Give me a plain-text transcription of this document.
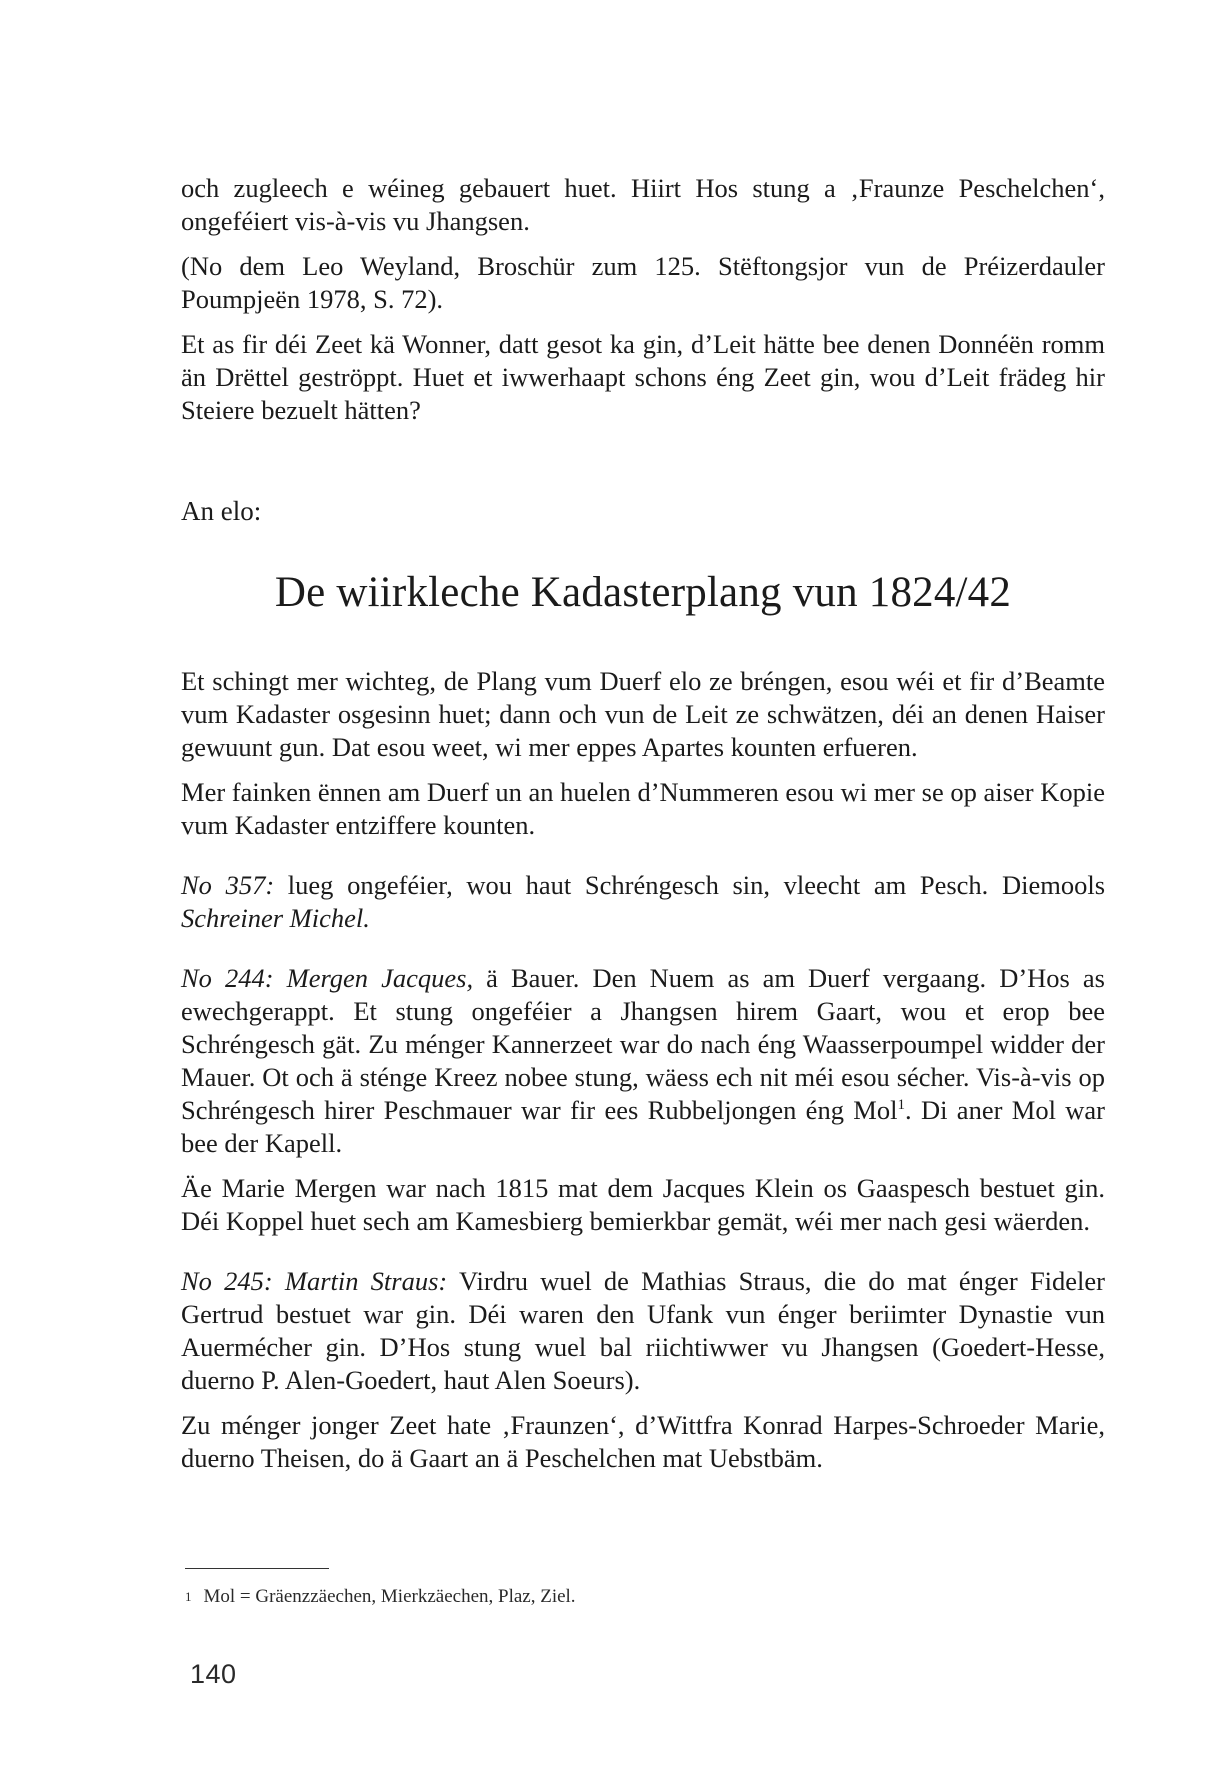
och zugleech e wéineg gebauert huet. Hiirt Hos stung a ‚Fraunze Peschelchen‘, ongeféiert vis-à-vis vu Jhangsen.

(No dem Leo Weyland, Broschür zum 125. Stëftongsjor vun de Préizerdauler Poumpjeën 1978, S. 72).

Et as fir déi Zeet kä Wonner, datt gesot ka gin, d’Leit hätte bee denen Donnéën romm än Drëttel geströppt. Huet et iwwerhaapt schons éng Zeet gin, wou d’Leit frädeg hir Steiere bezuelt hätten?

An elo:

De wiirkleche Kadasterplang vun 1824/42

Et schingt mer wichteg, de Plang vum Duerf elo ze bréngen, esou wéi et fir d’Beamte vum Kadaster osgesinn huet; dann och vun de Leit ze schwätzen, déi an denen Haiser gewuunt gun. Dat esou weet, wi mer eppes Apartes kounten erfueren.

Mer fainken ënnen am Duerf un an huelen d’Nummeren esou wi mer se op aiser Kopie vum Kadaster entziffere kounten.

No 357: lueg ongeféier, wou haut Schréngesch sin, vleecht am Pesch. Diemools Schreiner Michel.

No 244: Mergen Jacques, ä Bauer. Den Nuem as am Duerf vergaang. D’Hos as ewechgerappt. Et stung ongeféier a Jhangsen hirem Gaart, wou et erop bee Schréngesch gät. Zu ménger Kannerzeet war do nach éng Waasserpoumpel widder der Mauer. Ot och ä sténge Kreez nobee stung, wäess ech nit méi esou sécher. Vis-à-vis op Schréngesch hirer Peschmauer war fir ees Rubbeljongen éng Mol$^1$. Di aner Mol war bee der Kapell.

Äe Marie Mergen war nach 1815 mat dem Jacques Klein os Gaaspesch bestuet gin. Déi Koppel huet sech am Kamesbierg bemierkbar gemät, wéi mer nach gesi wäerden.

No 245: Martin Straus: Virdru wuel de Mathias Straus, die do mat énger Fideler Gertrud bestuet war gin. Déi waren den Ufank vun énger beriimter Dynastie vun Auermécher gin. D’Hos stung wuel bal riichtiwwer vu Jhangsen (Goedert-Hesse, duerno P. Alen-Goedert, haut Alen Soeurs).

Zu ménger jonger Zeet hate ‚Fraunzen‘, d’Wittfra Konrad Harpes-Schroeder Marie, duerno Theisen, do ä Gaart an ä Peschelchen mat Uebstbäm.

$^1$ Mol = Gräenzzäechen, Mierkzäechen, Plaz, Ziel.
140
